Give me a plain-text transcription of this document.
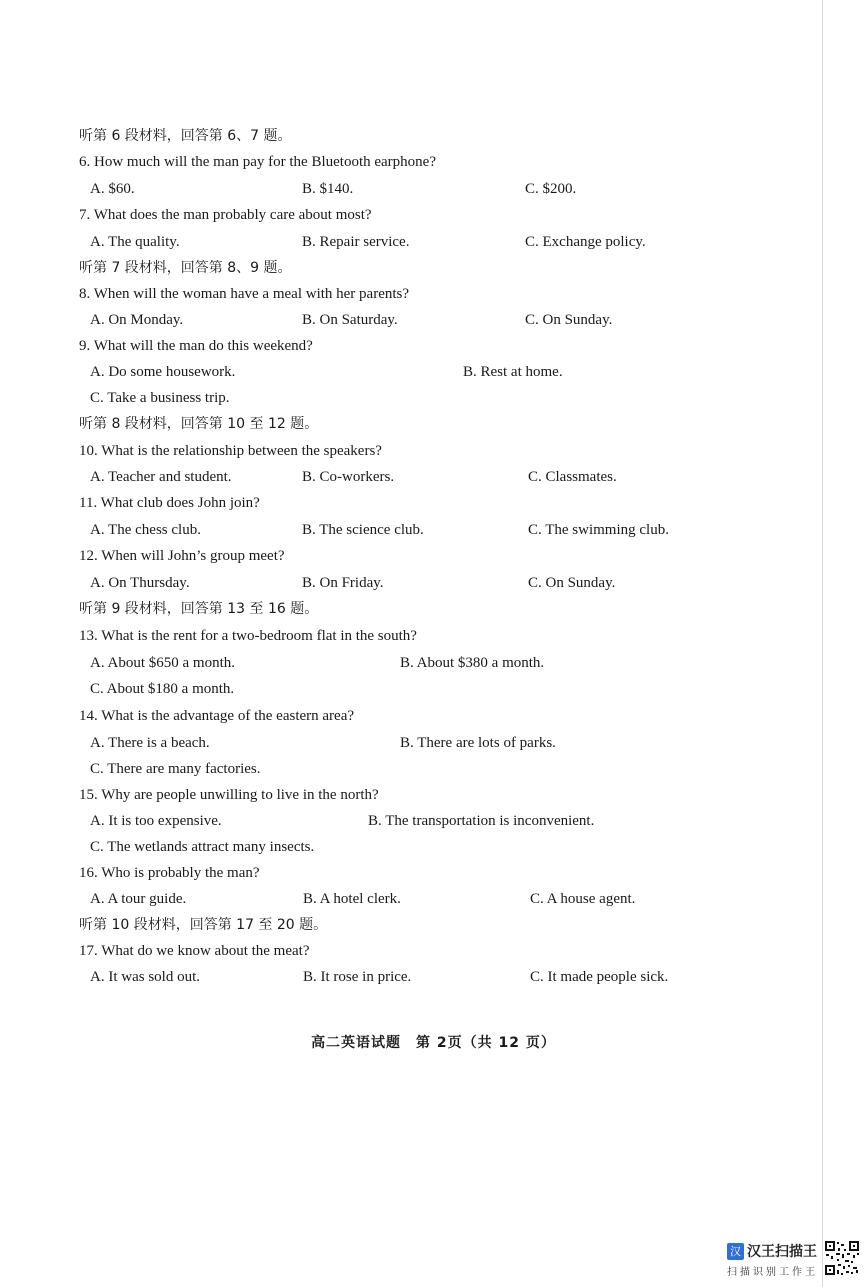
听第 6 段材料，回答第 6、7 题。
6. How much will the man pay for the Bluetooth earphone?
A. $60.	B. $140.	C. $200.
7. What does the man probably care about most?
A. The quality.	B. Repair service.	C. Exchange policy.
听第 7 段材料，回答第 8、9 题。
8. When will the woman have a meal with her parents?
A. On Monday.	B. On Saturday.	C. On Sunday.
9. What will the man do this weekend?
A. Do some housework.	B. Rest at home.
C. Take a business trip.
听第 8 段材料，回答第 10 至 12 题。
10. What is the relationship between the speakers?
A. Teacher and student.	B. Co-workers.	C. Classmates.
11. What club does John join?
A. The chess club.	B. The science club.	C. The swimming club.
12. When will John’s group meet?
A. On Thursday.	B. On Friday.	C. On Sunday.
听第 9 段材料，回答第 13 至 16 题。
13. What is the rent for a two-bedroom flat in the south?
A. About $650 a month.	B. About $380 a month.
C. About $180 a month.
14. What is the advantage of the eastern area?
A. There is a beach.	B. There are lots of parks.
C. There are many factories.
15. Why are people unwilling to live in the north?
A. It is too expensive.	B. The transportation is inconvenient.
C. The wetlands attract many insects.
16. Who is probably the man?
A. A tour guide.	B. A hotel clerk.	C. A house agent.
听第 10 段材料，回答第 17 至 20 题。
17. What do we know about the meat?
A. It was sold out.	B. It rose in price.	C. It made people sick.
高二英语试题　第 2页（共 12 页）
汉 汉王扫描王
扫描识别工作王
